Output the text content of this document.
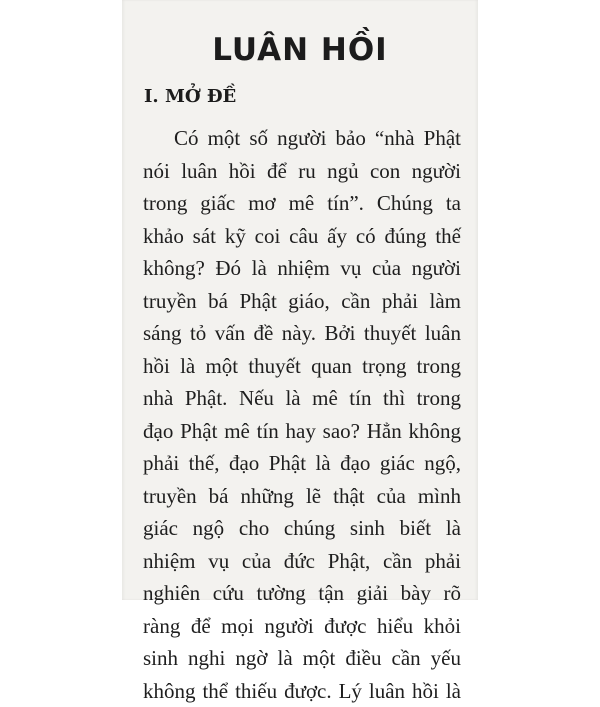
LUÂN HỒI
I. MỞ ĐỀ

Có một số người bảo “nhà Phật
nói luân hồi để ru ngủ con người
trong giấc mơ mê tín”. Chúng ta
khảo sát kỹ coi câu ấy có đúng thế
không? Đó là nhiệm vụ của người
truyền bá Phật giáo, cần phải làm
sáng tỏ vấn đề này. Bởi thuyết luân
hồi là một thuyết quan trọng trong
nhà Phật. Nếu là mê tín thì trong
đạo Phật mê tín hay sao? Hẳn không
phải thế, đạo Phật là đạo giác ngộ,
truyền bá những lẽ thật của mình
giác ngộ cho chúng sinh biết là
nhiệm vụ của đức Phật, cần phải
nghiên cứu tường tận giải bày rõ
ràng để mọi người được hiểu khỏi
sinh nghi ngờ là một điều cần yếu
không thể thiếu được. Lý luân hồi là
